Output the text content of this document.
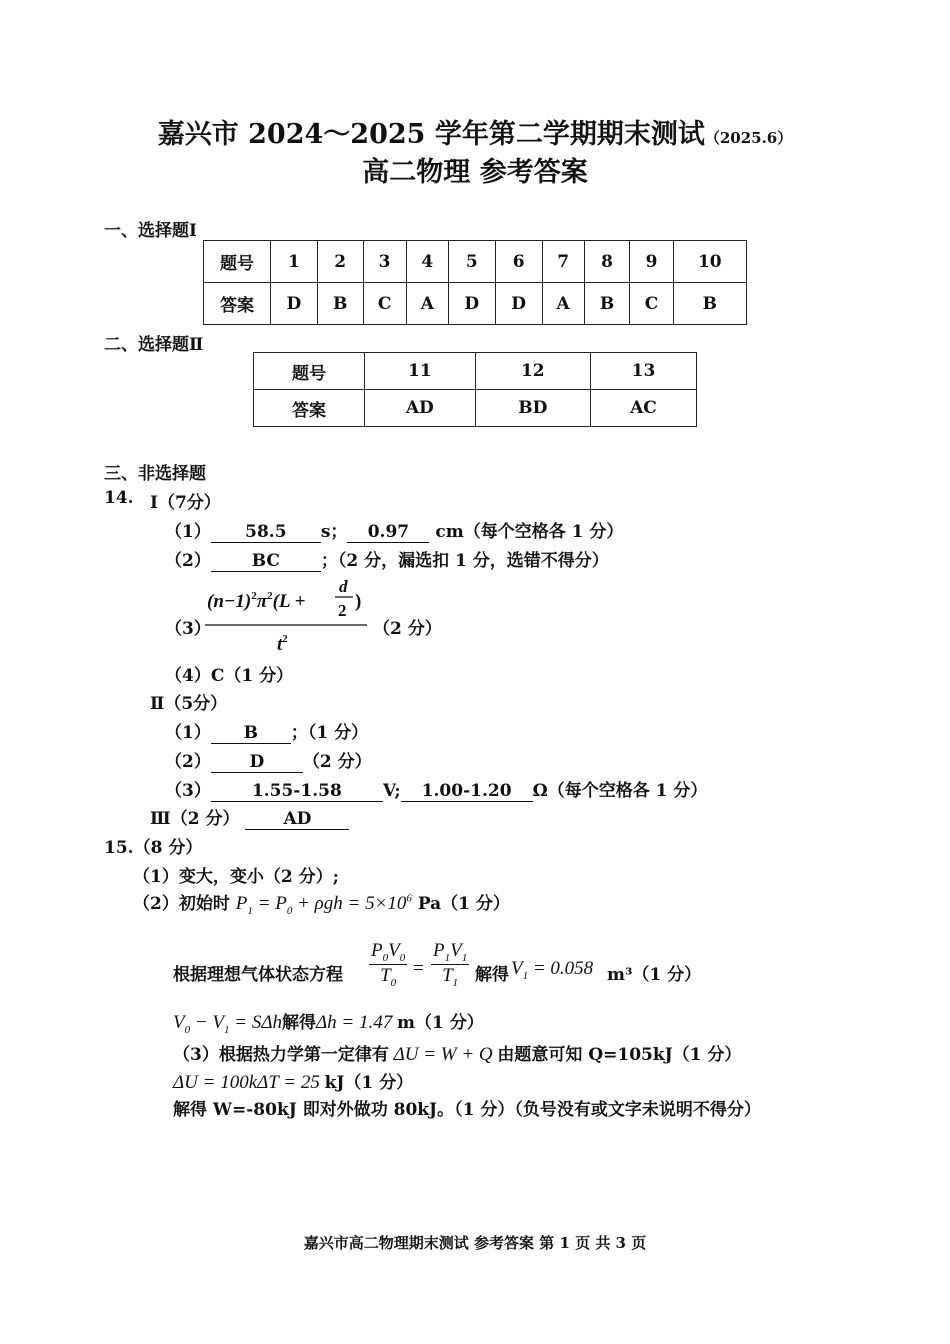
嘉兴市 2024～2025 学年第二学期期末测试（2025.6）
高二物理 参考答案
一、选择题Ⅰ
题号	1	2	3	4	5	6	7	8	9	10
答案	D	B	C	A	D	D	A	B	C	B
二、选择题Ⅱ
题号	11	12	13
答案	AD	BD	AC
三、非选择题
14. Ⅰ（7分）
（1） 58.5 s； 0.97 cm（每个空格各 1 分）
（2） BC ；（2 分，漏选扣 1 分，选错不得分）
（3）
$(n-1)^2\pi^2(L$ +
d
2 )
$t^2$	（2 分）
（4）C（1 分）
Ⅱ（5分）
（1） B ；（1 分）
（2） D （2 分）
（3） 1.55-1.58 V; 1.00-1.20 Ω（每个空格各 1 分）
Ⅲ（2 分）	AD
15.（8 分）
（1）变大，变小（2 分）;
（2）初始时 $P_1 = P_0 + \rho gh = 5\times 10^6$ Pa（1 分）
根据理想气体状态方程 $\frac{P_0V_0}{T_0} = \frac{P_1V_1}{T_1}$ 解得 $V_1 = 0.058$ m³（1 分）
$V_0 - V_1 = S\Delta h$解得Δh = 1.47 m（1 分）
（3）根据热力学第一定律有 ΔU = W + Q 由题意可知 Q=105kJ（1 分）
ΔU = 100kΔT = 25 kJ（1 分）
解得 W=-80kJ 即对外做功 80kJ。（1 分）（负号没有或文字未说明不得分）
嘉兴市高二物理期末测试 参考答案 第 1 页 共 3 页
